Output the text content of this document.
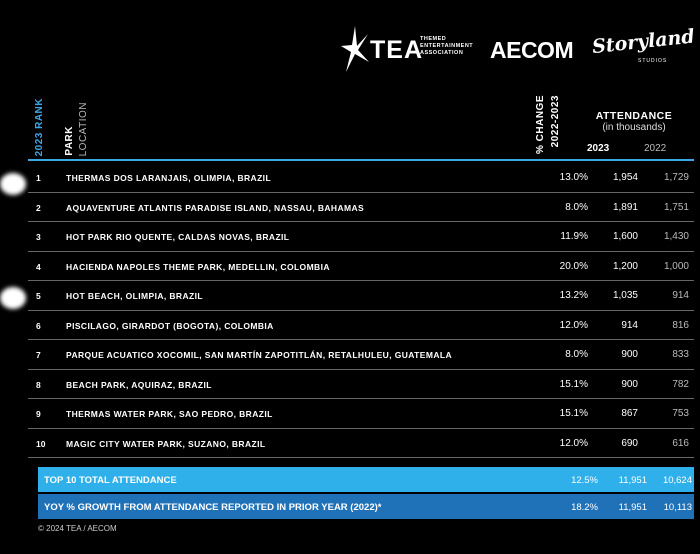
TEA
THEMED
ENTERTAINMENT
ASSOCIATION	AECOM Storyland
STUDIOS
2023 RANK PARK LOCATION	% CHANGE 2022-2023	ATTENDANCE
(in thousands)
2023	2022
1	THERMAS DOS LARANJAIS, OLIMPIA, BRAZIL	13.0% 1,954	1,729
2	AQUAVENTURE ATLANTIS PARADISE ISLAND, NASSAU, BAHAMAS	8.0% 1,891	1,751
3	HOT PARK RIO QUENTE, CALDAS NOVAS, BRAZIL	11.9% 1,600	1,430
4	HACIENDA NAPOLES THEME PARK, MEDELLIN, COLOMBIA	20.0% 1,200	1,000
5	HOT BEACH, OLIMPIA, BRAZIL	13.2% 1,035	914
6	PISCILAGO, GIRARDOT (BOGOTA), COLOMBIA	12.0%	914	816
7	PARQUE ACUATICO XOCOMIL, SAN MARTÍN ZAPOTITLÁN, RETALHULEU, GUATEMALA	8.0%	900	833
8	BEACH PARK, AQUIRAZ, BRAZIL	15.1%	900	782
9	THERMAS WATER PARK, SAO PEDRO, BRAZIL	15.1%	867	753
10 MAGIC CITY WATER PARK, SUZANO, BRAZIL	12.0%	690	616
TOP 10 TOTAL ATTENDANCE	12.5% 11,951 10,624
YOY % GROWTH FROM ATTENDANCE REPORTED IN PRIOR YEAR (2022)*	18.2% 11,951 10,113
© 2024 TEA / AECOM
